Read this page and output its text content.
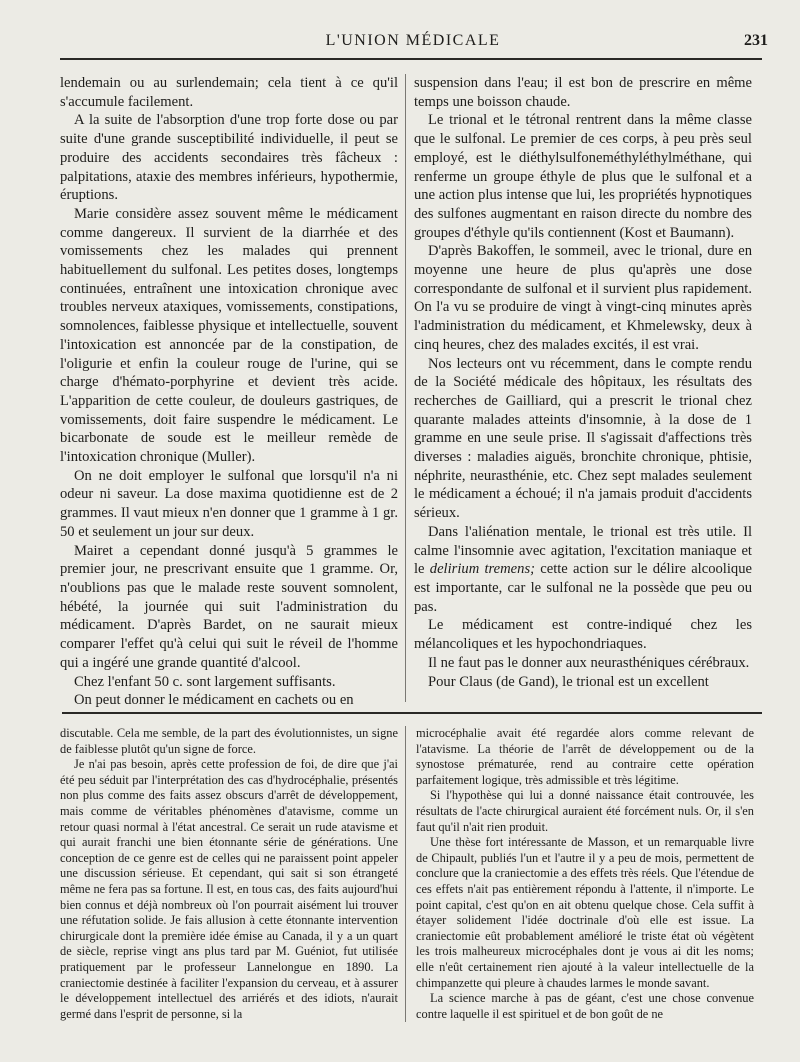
L'UNION MÉDICALE	231

lendemain ou au surlendemain; cela tient à ce qu'il s'accumule facilement.

A la suite de l'absorption d'une trop forte dose ou par suite d'une grande susceptibilité individuelle, il peut se produire des accidents secondaires très fâcheux : palpitations, ataxie des membres inférieurs, hypothermie, éruptions.

Marie considère assez souvent même le médicament comme dangereux. Il survient de la diarrhée et des vomissements chez les malades qui prennent habituellement du sulfonal. Les petites doses, longtemps continuées, entraînent une intoxication chronique avec troubles nerveux ataxiques, vomissements, constipations, somnolences, faiblesse physique et intellectuelle, souvent l'intoxication est annoncée par de la constipation, de l'oligurie et enfin la couleur rouge de l'urine, qui se charge d'hémato-porphyrine et devient très acide. L'apparition de cette couleur, de douleurs gastriques, de vomissements, doit faire suspendre le médicament. Le bicarbonate de soude est le meilleur remède de l'intoxication chronique (Muller).

On ne doit employer le sulfonal que lorsqu'il n'a ni odeur ni saveur. La dose maxima quotidienne est de 2 grammes. Il vaut mieux n'en donner que 1 gramme à 1 gr. 50 et seulement un jour sur deux.

Mairet a cependant donné jusqu'à 5 grammes le premier jour, ne prescrivant ensuite que 1 gramme. Or, n'oublions pas que le malade reste souvent somnolent, hébété, la journée qui suit l'administration du médicament. D'après Bardet, on ne saurait mieux comparer l'effet qu'à celui qui suit le réveil de l'homme qui a ingéré une grande quantité d'alcool.

Chez l'enfant 50 c. sont largement suffisants.

On peut donner le médicament en cachets ou en

suspension dans l'eau; il est bon de prescrire en même temps une boisson chaude.

Le trional et le tétronal rentrent dans la même classe que le sulfonal. Le premier de ces corps, à peu près seul employé, est le diéthylsulfoneméthyléthylméthane, qui renferme un groupe éthyle de plus que le sulfonal et a une action plus intense que lui, les propriétés hypnotiques des sulfones augmentant en raison directe du nombre des groupes d'éthyle qu'ils contiennent (Kost et Baumann).

D'après Bakoffen, le sommeil, avec le trional, dure en moyenne une heure de plus qu'après une dose correspondante de sulfonal et il survient plus rapidement. On l'a vu se produire de vingt à vingt-cinq minutes après l'administration du médicament, et Khmelewsky, deux à cinq heures, chez des malades excités, il est vrai.

Nos lecteurs ont vu récemment, dans le compte rendu de la Société médicale des hôpitaux, les résultats des recherches de Gailliard, qui a prescrit le trional chez quarante malades atteints d'insomnie, à la dose de 1 gramme en une seule prise. Il s'agissait d'affections très diverses : maladies aiguës, bronchite chronique, phtisie, néphrite, neurasthénie, etc. Chez sept malades seulement le médicament a échoué; il n'a jamais produit d'accidents sérieux.

Dans l'aliénation mentale, le trional est très utile. Il calme l'insomnie avec agitation, l'excitation maniaque et le delirium tremens; cette action sur le délire alcoolique est importante, car le sulfonal ne la possède que peu ou pas.

Le médicament est contre-indiqué chez les mélancoliques et les hypochondriaques.

Il ne faut pas le donner aux neurasthéniques cérébraux.

Pour Claus (de Gand), le trional est un excellent

discutable. Cela me semble, de la part des évolutionnistes, un signe de faiblesse plutôt qu'un signe de force.

Je n'ai pas besoin, après cette profession de foi, de dire que j'ai été peu séduit par l'interprétation des cas d'hydrocéphalie, présentés non plus comme des faits assez obscurs d'arrêt de développement, mais comme de véritables phénomènes d'atavisme, comme un retour quasi normal à l'état ancestral. Ce serait un rude atavisme et qui aurait franchi une bien étonnante série de générations. Une conception de ce genre est de celles qui ne paraissent point appeler une discussion sérieuse. Et cependant, qui sait si son étrangeté même ne fera pas sa fortune. Il est, en tous cas, des faits aujourd'hui bien connus et déjà nombreux où l'on pourrait aisément lui trouver une réfutation solide. Je fais allusion à cette étonnante intervention chirurgicale dont la première idée émise au Canada, il y a un quart de siècle, reprise vingt ans plus tard par M. Guéniot, fut utilisée pratiquement par le professeur Lannelongue en 1890. La craniectomie destinée à faciliter l'expansion du cerveau, et à assurer le développement intellectuel des arriérés et des idiots, n'aurait germé dans l'esprit de personne, si la

microcéphalie avait été regardée alors comme relevant de l'atavisme. La théorie de l'arrêt de développement ou de la synostose prématurée, rend au contraire cette opération parfaitement logique, très admissible et très légitime.

Si l'hypothèse qui lui a donné naissance était controuvée, les résultats de l'acte chirurgical auraient été forcément nuls. Or, il s'en faut qu'il n'ait rien produit.

Une thèse fort intéressante de Masson, et un remarquable livre de Chipault, publiés l'un et l'autre il y a peu de mois, permettent de conclure que la craniectomie a des effets très réels. Que l'étendue de ces effets n'ait pas entièrement répondu à l'attente, il n'importe. Le point capital, c'est qu'on en ait obtenu quelque chose. Cela suffit à étayer solidement l'idée doctrinale d'où elle est issue. La craniectomie eût probablement amélioré le triste état où végètent les trois malheureux microcéphales dont je vous ai dit les noms; elle n'eût certainement rien ajouté à la valeur intellectuelle de la chimpanzette qui pleure à chaudes larmes le monde savant.

La science marche à pas de géant, c'est une chose convenue contre laquelle il est spirituel et de bon goût de ne
